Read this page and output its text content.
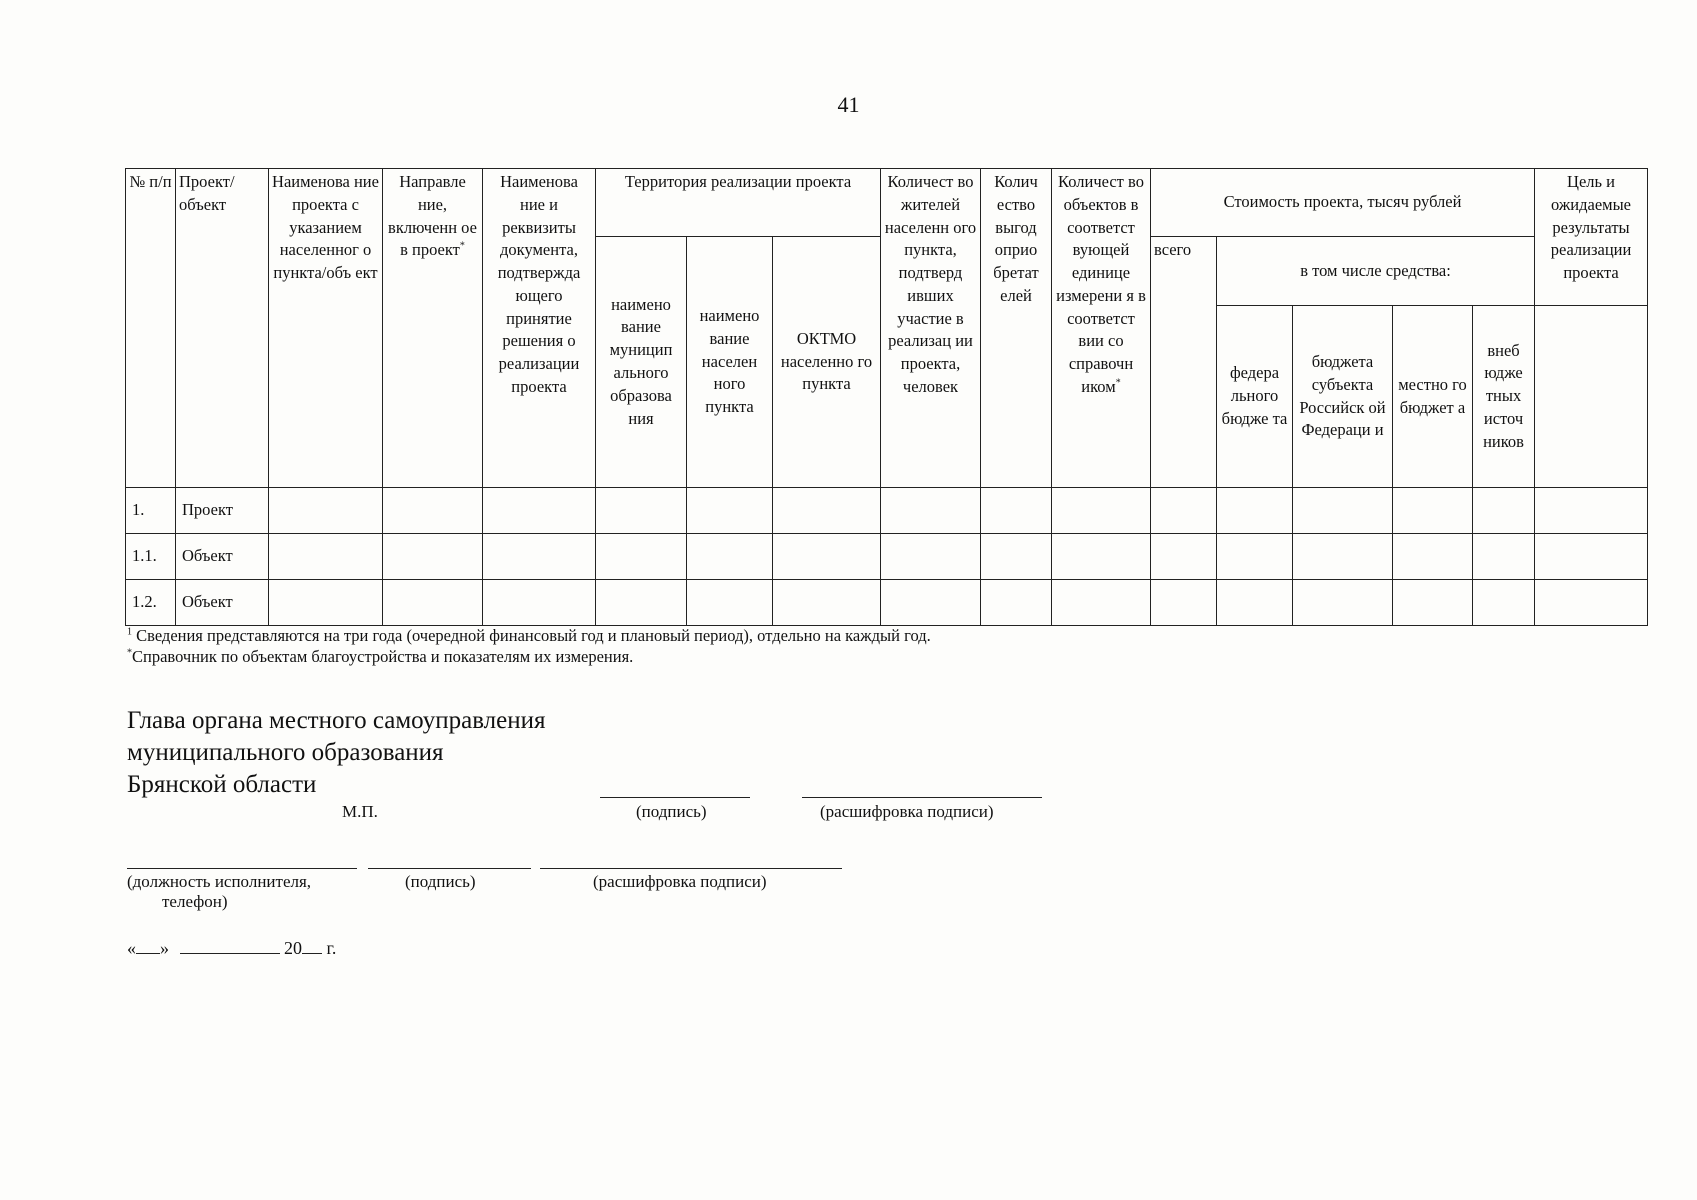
41
№ п/п	Проект/ объект	Наименова ние проекта с указанием населенног о пункта/объ ект	Направле ние, включенн ое в проект*	Наименова ние и реквизиты документа, подтвержда ющего принятие решения о реализации проекта	Территория реализации проекта			Количест во жителей населенн ого пункта, подтверд ивших участие в реализац ии проекта, человек	Колич ество выгод оприо бретат елей	Количест во объектов в соответст вующей единице измерени я в соответст вии со справочн иком*	Стоимость проекта, тысяч рублей					Цель и ожидаемые результаты реализации проекта
					наимено вание муницип ального образова ния	наимено вание населен ного пункта	ОКТМО населенно го пункта				всего	в том числе средства:				
												федера льного бюдже та	бюджета субъекта Российск ой Федераци и	местно го бюджет а	внеб юдже тных источ ников	
1.	Проект															
1.1.	Объект															
1.2.	Объект															
$^1$ Сведения представляются на три года (очередной финансовый год и плановый период), отдельно на каждый год.
*Справочник по объектам благоустройства и показателям их измерения.
Глава органа местного самоуправления
муниципального образования
Брянской области
М.П.	(подпись)	(расшифровка подписи)
(должность исполнителя,
телефон)
(подпись)	(расшифровка подписи)
« »	20 г.
